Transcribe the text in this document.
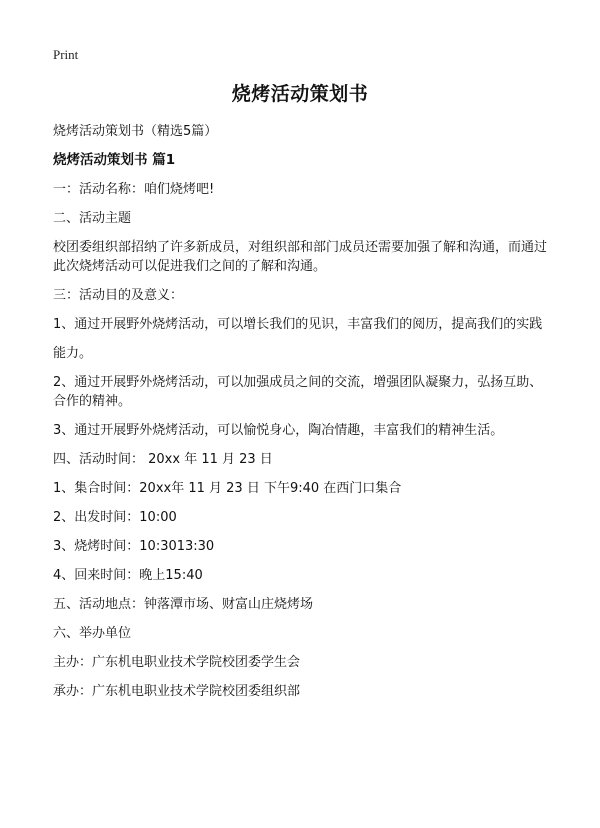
Print
烧烤活动策划书

烧烤活动策划书（精选5篇）

烧烤活动策划书 篇1

一：活动名称：咱们烧烤吧!

二、活动主题

校团委组织部招纳了许多新成员，对组织部和部门成员还需要加强了解和沟通，而通过此次烧烤活动可以促进我们之间的了解和沟通。

三：活动目的及意义：

1、通过开展野外烧烤活动，可以增长我们的见识，丰富我们的阅历，提高我们的实践

能力。

2、通过开展野外烧烤活动，可以加强成员之间的交流，增强团队凝聚力，弘扬互助、合作的精神。

3、通过开展野外烧烤活动，可以愉悦身心，陶冶情趣，丰富我们的精神生活。

四、活动时间： 20xx 年 11 月 23 日

1、集合时间：20xx年 11 月 23 日 下午9:40 在西门口集合

2、出发时间：10:00

3、烧烤时间：10:3013:30

4、回来时间：晚上15:40

五、活动地点：钟落潭市场、财富山庄烧烤场

六、举办单位

主办：广东机电职业技术学院校团委学生会

承办：广东机电职业技术学院校团委组织部
